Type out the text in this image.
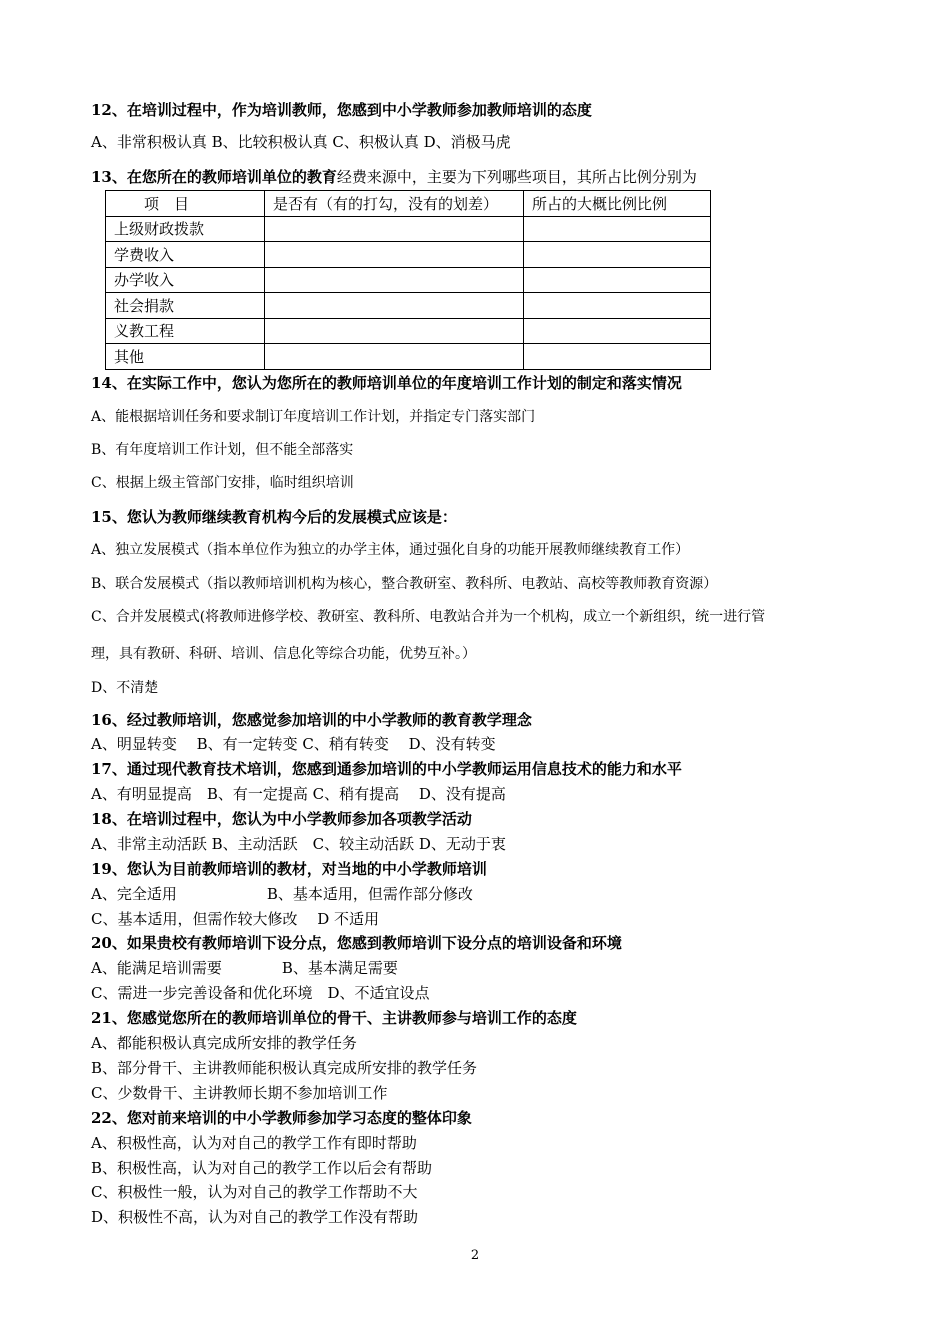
12、在培训过程中，作为培训教师，您感到中小学教师参加教师培训的态度
A、非常积极认真 B、比较积极认真 C、积极认真 D、消极马虎
13、在您所在的教师培训单位的教育经费来源中，主要为下列哪些项目，其所占比例分别为
项　目	是否有（有的打勾，没有的划差）	所占的大概比例比例
上级财政拨款		
学费收入		
办学收入		
社会捐款		
义教工程		
其他		
14、在实际工作中，您认为您所在的教师培训单位的年度培训工作计划的制定和落实情况
A、能根据培训任务和要求制订年度培训工作计划，并指定专门落实部门
B、有年度培训工作计划，但不能全部落实
C、根据上级主管部门安排，临时组织培训
15、您认为教师继续教育机构今后的发展模式应该是：
A、独立发展模式（指本单位作为独立的办学主体，通过强化自身的功能开展教师继续教育工作）
B、联合发展模式（指以教师培训机构为核心，整合教研室、教科所、电教站、高校等教师教育资源）
C、合并发展模式(将教师进修学校、教研室、教科所、电教站合并为一个机构，成立一个新组织，统一进行管
理，具有教研、科研、培训、信息化等综合功能，优势互补。）
D、不清楚
16、经过教师培训，您感觉参加培训的中小学教师的教育教学理念
A、明显转变　 B、有一定转变 C、稍有转变　 D、没有转变
17、通过现代教育技术培训，您感到通参加培训的中小学教师运用信息技术的能力和水平
A、有明显提高　B、有一定提高 C、稍有提高　 D、没有提高
18、在培训过程中，您认为中小学教师参加各项教学活动
A、非常主动活跃 B、主动活跃　C、较主动活跃 D、无动于衷
19、您认为目前教师培训的教材，对当地的中小学教师培训
A、完全适用　　　　　　B、基本适用，但需作部分修改
C、基本适用，但需作较大修改　 D 不适用
20、如果贵校有教师培训下设分点，您感到教师培训下设分点的培训设备和环境
A、能满足培训需要　　　　B、基本满足需要
C、需进一步完善设备和优化环境　D、不适宜设点
21、您感觉您所在的教师培训单位的骨干、主讲教师参与培训工作的态度
A、都能积极认真完成所安排的教学任务
B、部分骨干、主讲教师能积极认真完成所安排的教学任务
C、少数骨干、主讲教师长期不参加培训工作
22、您对前来培训的中小学教师参加学习态度的整体印象
A、积极性高，认为对自己的教学工作有即时帮助
B、积极性高，认为对自己的教学工作以后会有帮助
C、积极性一般，认为对自己的教学工作帮助不大
D、积极性不高，认为对自己的教学工作没有帮助
2
